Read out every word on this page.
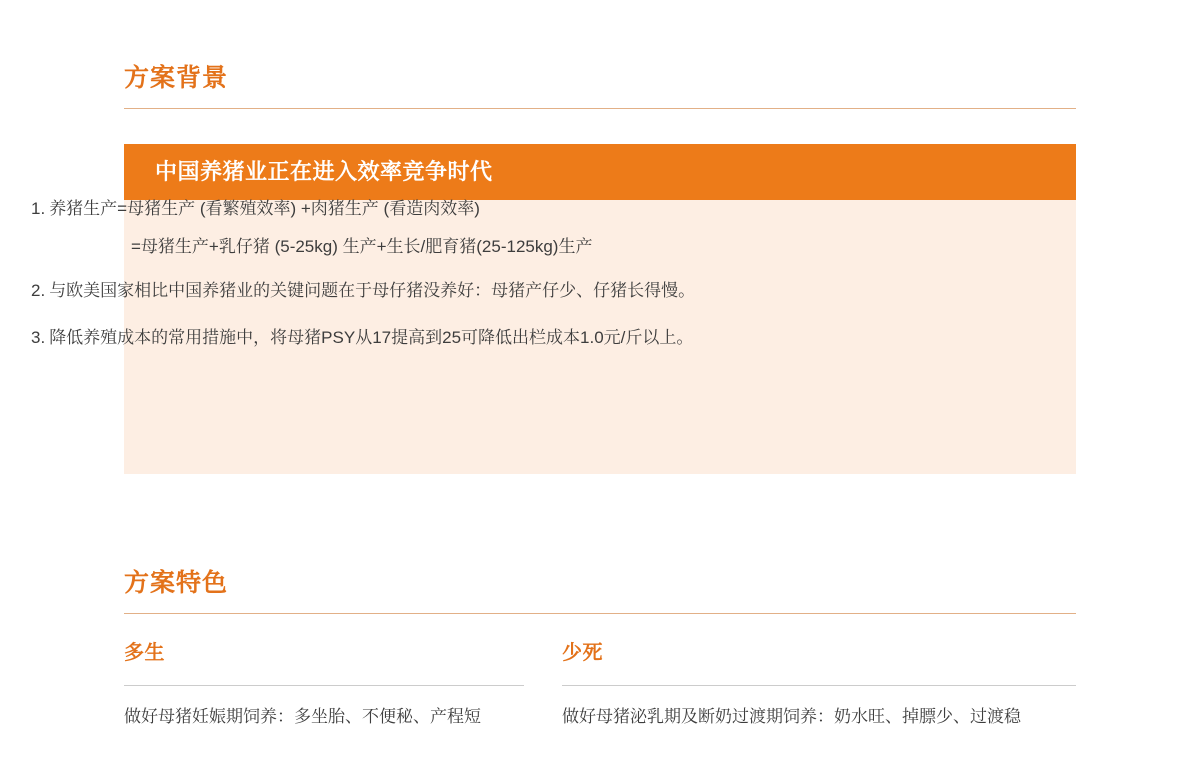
方案背景
中国养猪业正在进入效率竞争时代
1. 养猪生产=母猪生产 (看繁殖效率) +肉猪生产 (看造肉效率)
=母猪生产+乳仔猪 (5-25kg) 生产+生长/肥育猪(25-125kg)生产
2. 与欧美国家相比中国养猪业的关键问题在于母仔猪没养好：母猪产仔少、仔猪长得慢。
3. 降低养殖成本的常用措施中，将母猪PSY从17提高到25可降低出栏成本1.0元/斤以上。
方案特色
多生
做好母猪妊娠期饲养：多坐胎、不便秘、产程短
少死
做好母猪泌乳期及断奶过渡期饲养：奶水旺、掉膘少、过渡稳
